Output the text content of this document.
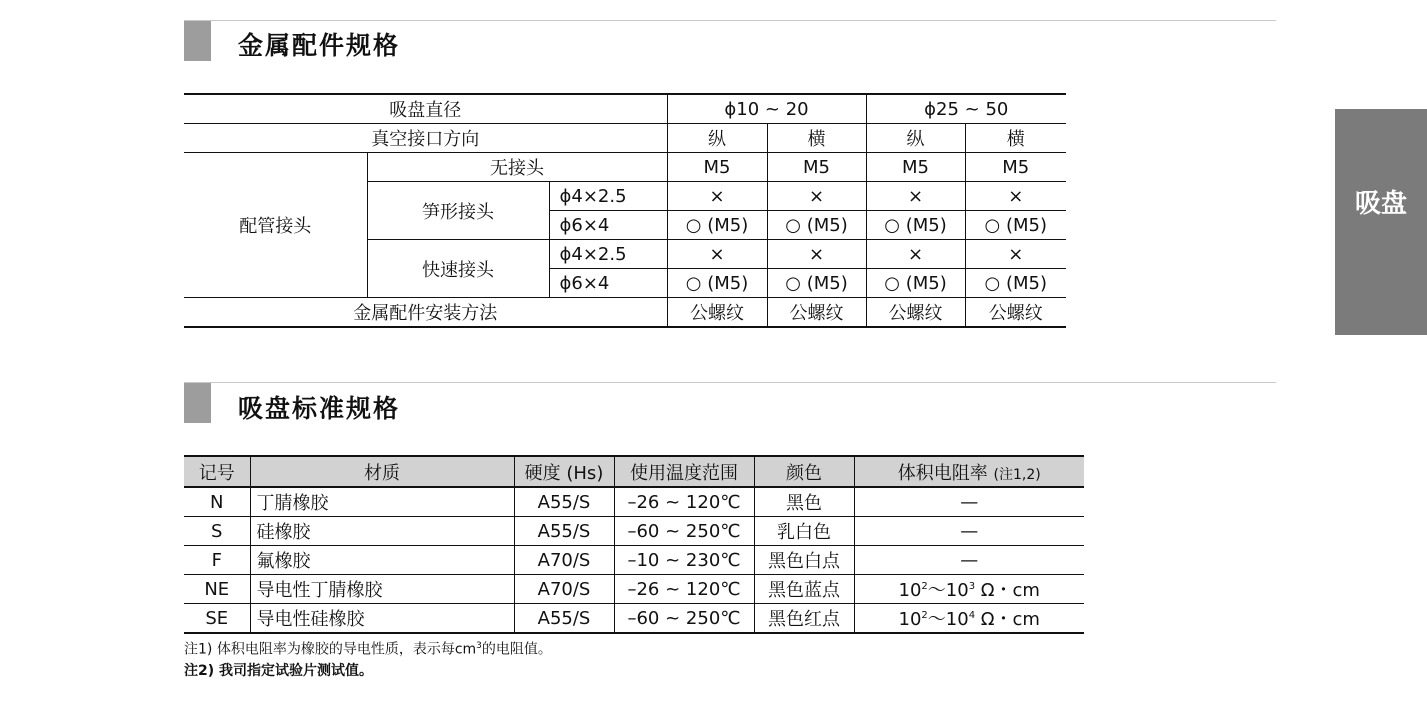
金属配件规格
吸盘
吸盘直径			ϕ10 ~ 20		ϕ25 ~ 50	
真空接口方向			纵	横	纵	横
配管接头	无接头		M5	M5	M5	M5
	笋形接头	ϕ4×2.5	×	×	×	×
		ϕ6×4	○ (M5)	○ (M5)	○ (M5)	○ (M5)
	快速接头	ϕ4×2.5	×	×	×	×
		ϕ6×4	○ (M5)	○ (M5)	○ (M5)	○ (M5)
金属配件安装方法			公螺纹	公螺纹	公螺纹	公螺纹
吸盘标准规格
记号	材质	硬度 (Hs)	使用温度范围	颜色	体积电阻率 (注1,2)
N	丁腈橡胶	A55/S	–26 ~ 120℃	黑色	—
S	硅橡胶	A55/S	–60 ~ 250℃	乳白色	—
F	氟橡胶	A70/S	–10 ~ 230℃	黑色白点	—
NE	导电性丁腈橡胶	A70/S	–26 ~ 120℃	黑色蓝点	$10^2\sim 10^3$ Ω・cm
SE	导电性硅橡胶	A55/S	–60 ~ 250℃	黑色红点	$10^2\sim 10^4$ Ω・cm
注1) 体积电阻率为橡胶的导电性质，表示每$cm^3$的电阻值。
注2) 我司指定试验片测试值。
